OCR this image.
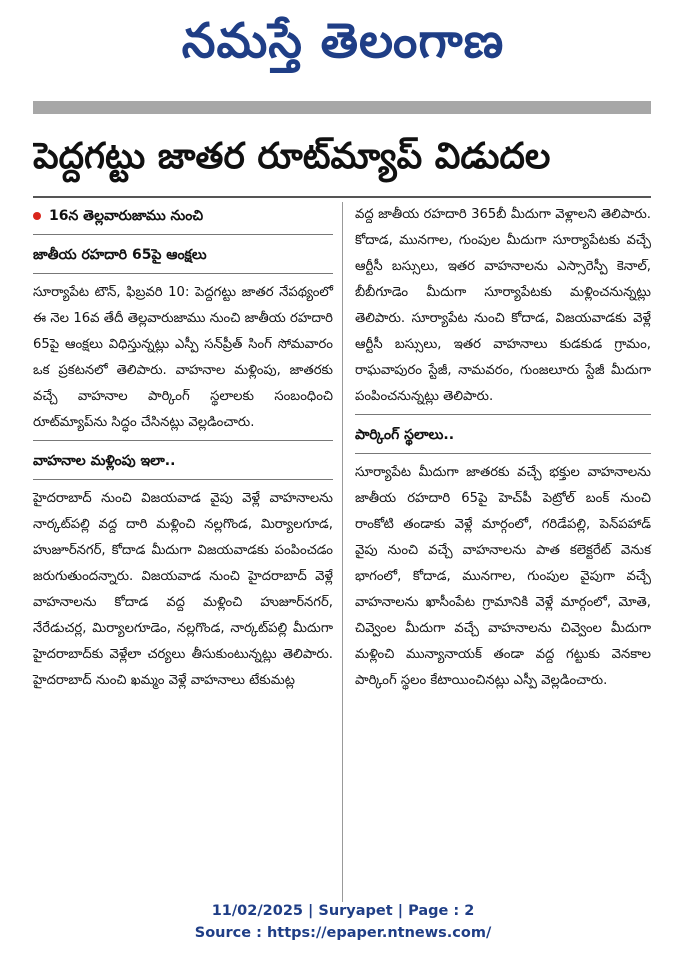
నమస్తే తెలంగాణ
పెద్దగట్టు జాతర రూట్‌మ్యాప్ విడుదల

16న తెల్లవారుజాము నుంచి

జాతీయ రహదారి 65పై ఆంక్షలు

సూర్యాపేట టౌన్, ఫిబ్రవరి 10: పెద్దగట్టు జాతర నేపథ్యంలో ఈ నెల 16వ తేదీ తెల్లవారుజాము నుంచి జాతీయ రహదారి 65పై ఆంక్షలు విధిస్తున్నట్లు ఎస్పీ సన్‌ప్రీత్ సింగ్ సోమవారం ఒక ప్రకటనలో తెలిపారు. వాహనాల మళ్లింపు, జాతరకు వచ్చే వాహనాల పార్కింగ్ స్థలాలకు సంబంధించి రూట్‌మ్యాప్‌ను సిద్ధం చేసినట్లు వెల్లడించారు.

వాహనాల మళ్లింపు ఇలా..

హైదరాబాద్ నుంచి విజయవాడ వైపు వెళ్లే వాహనాలను నార్కట్‌పల్లి వద్ద దారి మళ్లించి నల్లగొండ, మిర్యాలగూడ, హుజూర్‌నగర్, కోదాడ మీదుగా విజయవాడకు పంపించడం జరుగుతుందన్నారు. విజయవాడ నుంచి హైదరాబాద్ వెళ్లే వాహనాలను కోదాడ వద్ద మళ్లించి హుజూర్‌నగర్, నేరేడుచర్ల, మిర్యాలగూడెం, నల్లగొండ, నార్కట్‌పల్లి మీదుగా హైదరాబాద్‌కు వెళ్లేలా చర్యలు తీసుకుంటున్నట్లు తెలిపారు. హైదరాబాద్ నుంచి ఖమ్మం వెళ్లే వాహనాలు టేకుమట్ల

వద్ద జాతీయ రహదారి 365బీ మీదుగా వెళ్లాలని తెలిపారు. కోదాడ, మునగాల, గుంపుల మీదుగా సూర్యాపేటకు వచ్చే ఆర్టీసీ బస్సులు, ఇతర వాహనాలను ఎస్సారెస్పీ కెనాల్, బీబీగూడెం మీదుగా సూర్యాపేటకు మళ్లించనున్నట్లు తెలిపారు. సూర్యాపేట నుంచి కోదాడ, విజయవాడకు వెళ్లే ఆర్టీసీ బస్సులు, ఇతర వాహనాలు కుడకుడ గ్రామం, రాఘవాపురం స్టేజీ, నామవరం, గుంజలూరు స్టేజీ మీదుగా పంపించనున్నట్లు తెలిపారు.

పార్కింగ్ స్థలాలు..

సూర్యాపేట మీదుగా జాతరకు వచ్చే భక్తుల వాహనాలను జాతీయ రహదారి 65పై హెచ్‌పీ పెట్రోల్ బంక్ నుంచి రాంకోటి తండాకు వెళ్లే మార్గంలో, గరిడేపల్లి, పెన్‌పహాడ్ వైపు నుంచి వచ్చే వాహనాలను పాత కలెక్టరేట్ వెనుక భాగంలో, కోదాడ, మునగాల, గుంపుల వైపుగా వచ్చే వాహనాలను ఖాసీంపేట గ్రామానికి వెళ్లే మార్గంలో, మోతె, చివ్వెంల మీదుగా వచ్చే వాహనాలను చివ్వెంల మీదుగా మళ్లించి మున్యానాయక్ తండా వద్ద గట్టుకు వెనకాల పార్కింగ్ స్థలం కేటాయించినట్లు ఎస్పీ వెల్లడించారు.

11/02/2025 | Suryapet | Page : 2
Source : https://epaper.ntnews.com/
